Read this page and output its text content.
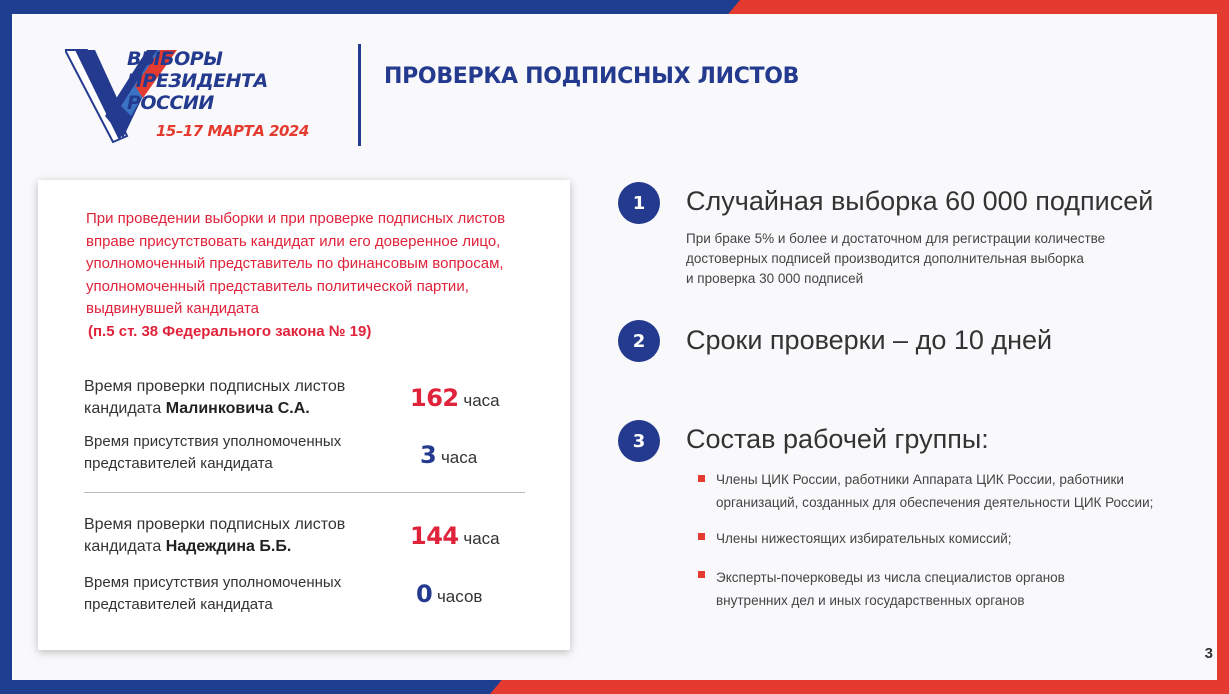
ВЫБОРЫ
ПРЕЗИДЕНТА
РОССИИ
15–17 МАРТА 2024
ПРОВЕРКА ПОДПИСНЫХ ЛИСТОВ
При проведении выборки и при проверке подписных листов
вправе присутствовать кандидат или его доверенное лицо,
уполномоченный представитель по финансовым вопросам,
уполномоченный представитель политической партии,
выдвинувшей кандидата
(п.5 ст. 38 Федерального закона № 19)
Время проверки подписных листов
кандидата Малинковича С.А.	162 часа
Время присутствия уполномоченных
представителей кандидата	3 часа
Время проверки подписных листов
кандидата Надеждина Б.Б.	144 часа
Время присутствия уполномоченных
представителей кандидата	0 часов
1	Случайная выборка 60 000 подписей
При браке 5% и более и достаточном для регистрации количестве
достоверных подписей производится дополнительная выборка
и проверка 30 000 подписей
2	Сроки проверки – до 10 дней
3	Состав рабочей группы:
Члены ЦИК России, работники Аппарата ЦИК России, работники
организаций, созданных для обеспечения деятельности ЦИК России;
Члены нижестоящих избирательных комиссий;
Эксперты-почерковеды из числа специалистов органов
внутренних дел и иных государственных органов
3
